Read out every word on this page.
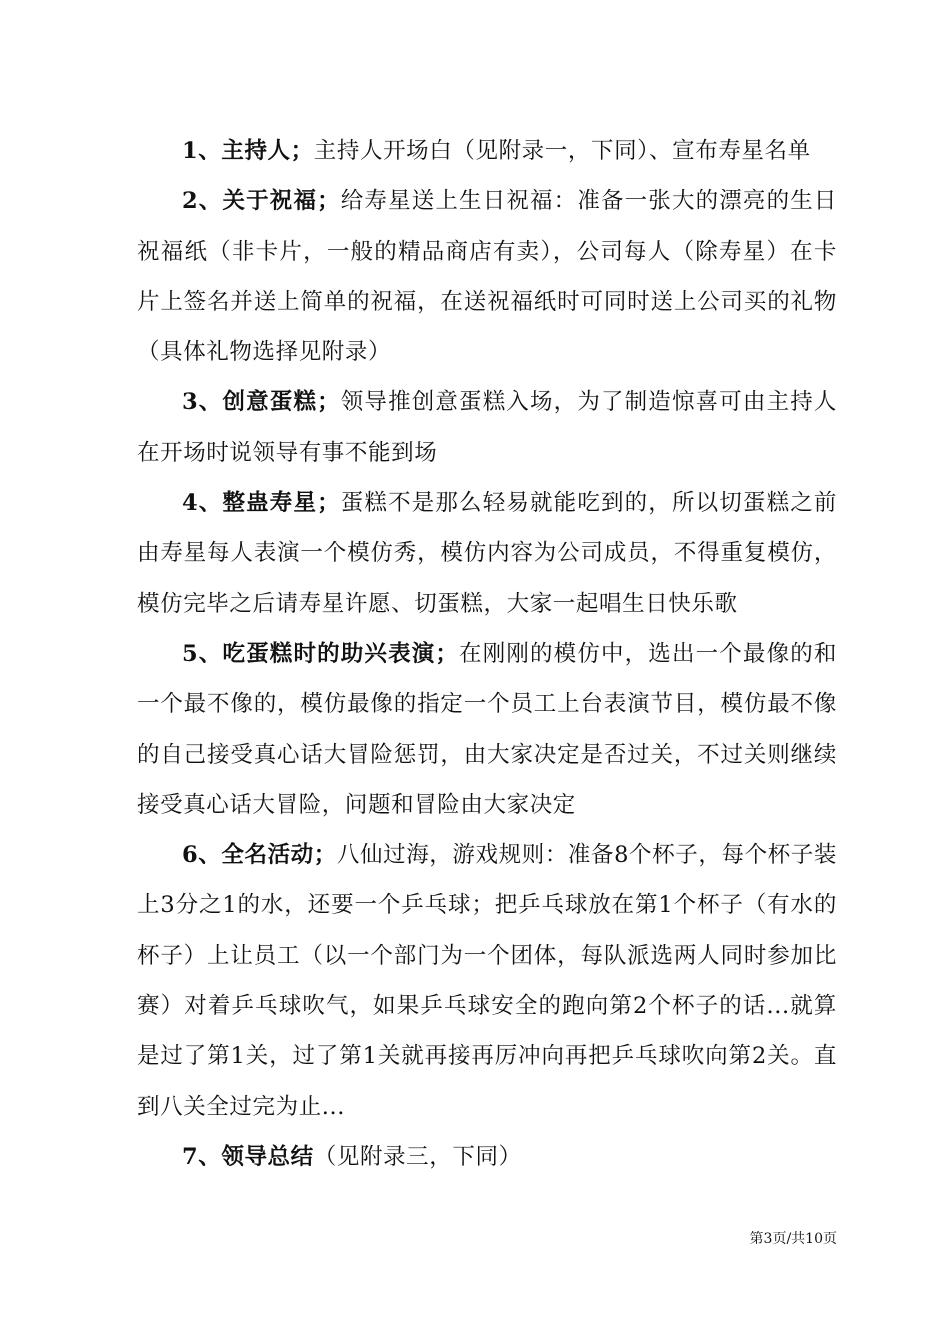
1、主持人；主持人开场白（见附录一，下同）、宣布寿星名单

2、关于祝福；给寿星送上生日祝福：准备一张大的漂亮的生日祝福纸（非卡片，一般的精品商店有卖），公司每人（除寿星）在卡片上签名并送上简单的祝福，在送祝福纸时可同时送上公司买的礼物（具体礼物选择见附录）

3、创意蛋糕；领导推创意蛋糕入场，为了制造惊喜可由主持人在开场时说领导有事不能到场

4、整蛊寿星；蛋糕不是那么轻易就能吃到的，所以切蛋糕之前由寿星每人表演一个模仿秀，模仿内容为公司成员，不得重复模仿，模仿完毕之后请寿星许愿、切蛋糕，大家一起唱生日快乐歌

5、吃蛋糕时的助兴表演；在刚刚的模仿中，选出一个最像的和一个最不像的，模仿最像的指定一个员工上台表演节目，模仿最不像的自己接受真心话大冒险惩罚，由大家决定是否过关，不过关则继续接受真心话大冒险，问题和冒险由大家决定

6、全名活动；八仙过海，游戏规则：准备8个杯子，每个杯子装上3分之1的水，还要一个乒乓球；把乒乓球放在第1个杯子（有水的杯子）上让员工（以一个部门为一个团体，每队派选两人同时参加比赛）对着乒乓球吹气，如果乒乓球安全的跑向第2个杯子的话...就算是过了第1关，过了第1关就再接再厉冲向再把乒乓球吹向第2关。直到八关全过完为止...

7、领导总结（见附录三，下同）

第3页/共10页
